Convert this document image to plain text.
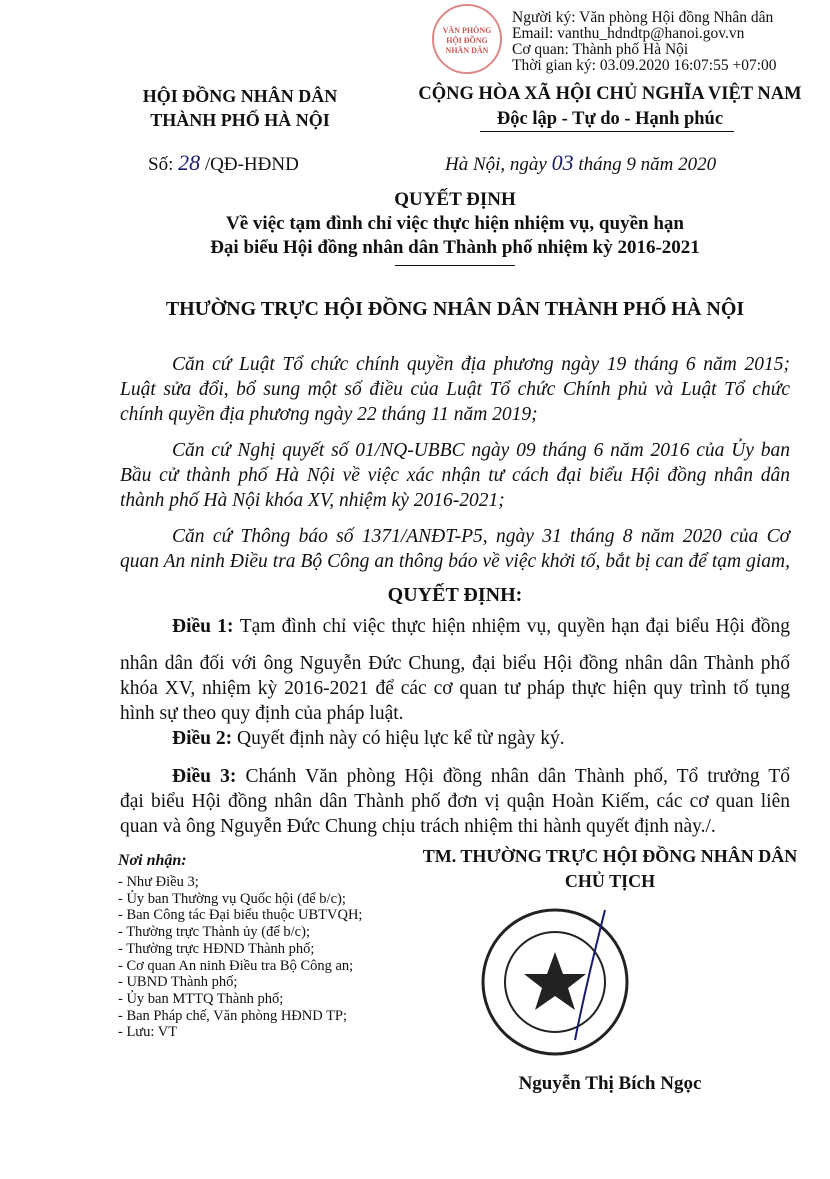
VĂN PHÒNG
HỘI ĐỒNG
NHÂN DÂN
Người ký: Văn phòng Hội đồng Nhân dân
Email: vanthu_hdndtp@hanoi.gov.vn
Cơ quan: Thành phố Hà Nội
Thời gian ký: 03.09.2020 16:07:55 +07:00
HỘI ĐỒNG NHÂN DÂN
THÀNH PHỐ HÀ NỘI
CỘNG HÒA XÃ HỘI CHỦ NGHĨA VIỆT NAM
Độc lập - Tự do - Hạnh phúc
Số: 28 /QĐ-HĐND	Hà Nội, ngày 03 tháng 9 năm 2020
QUYẾT ĐỊNH
Về việc tạm đình chỉ việc thực hiện nhiệm vụ, quyền hạn
Đại biểu Hội đồng nhân dân Thành phố nhiệm kỳ 2016-2021
THƯỜNG TRỰC HỘI ĐỒNG NHÂN DÂN THÀNH PHỐ HÀ NỘI
Căn cứ Luật Tổ chức chính quyền địa phương ngày 19 tháng 6 năm 2015;
Luật sửa đổi, bổ sung một số điều của Luật Tổ chức Chính phủ và Luật Tổ chức
chính quyền địa phương ngày 22 tháng 11 năm 2019;
Căn cứ Nghị quyết số 01/NQ-UBBC ngày 09 tháng 6 năm 2016 của Ủy ban
Bầu cử thành phố Hà Nội về việc xác nhận tư cách đại biểu Hội đồng nhân dân
thành phố Hà Nội khóa XV, nhiệm kỳ 2016-2021;
Căn cứ Thông báo số 1371/ANĐT-P5, ngày 31 tháng 8 năm 2020 của Cơ
quan An ninh Điều tra Bộ Công an thông báo về việc khởi tố, bắt bị can để tạm giam,
Điều 1: Tạm đình chỉ việc thực hiện nhiệm vụ, quyền hạn đại biểu Hội đồng
nhân dân đối với ông Nguyễn Đức Chung, đại biểu Hội đồng nhân dân Thành phố
khóa XV, nhiệm kỳ 2016-2021 để các cơ quan tư pháp thực hiện quy trình tố tụng
hình sự theo quy định của pháp luật.
Điều 2: Quyết định này có hiệu lực kể từ ngày ký.
Điều 3: Chánh Văn phòng Hội đồng nhân dân Thành phố, Tổ trưởng Tổ
đại biểu Hội đồng nhân dân Thành phố đơn vị quận Hoàn Kiếm, các cơ quan liên
quan và ông Nguyễn Đức Chung chịu trách nhiệm thi hành quyết định này./.
QUYẾT ĐỊNH:
Nơi nhận:
- Như Điều 3;
- Ủy ban Thường vụ Quốc hội (để b/c);
- Ban Công tác Đại biểu thuộc UBTVQH;
- Thường trực Thành ủy (để b/c);
- Thường trực HĐND Thành phố;
- Cơ quan An ninh Điều tra Bộ Công an;
- UBND Thành phố;
- Ủy ban MTTQ Thành phố;
- Ban Pháp chế, Văn phòng HĐND TP;
- Lưu: VT
TM. THƯỜNG TRỰC HỘI ĐỒNG NHÂN DÂN
CHỦ TỊCH
Nguyễn Thị Bích Ngọc
